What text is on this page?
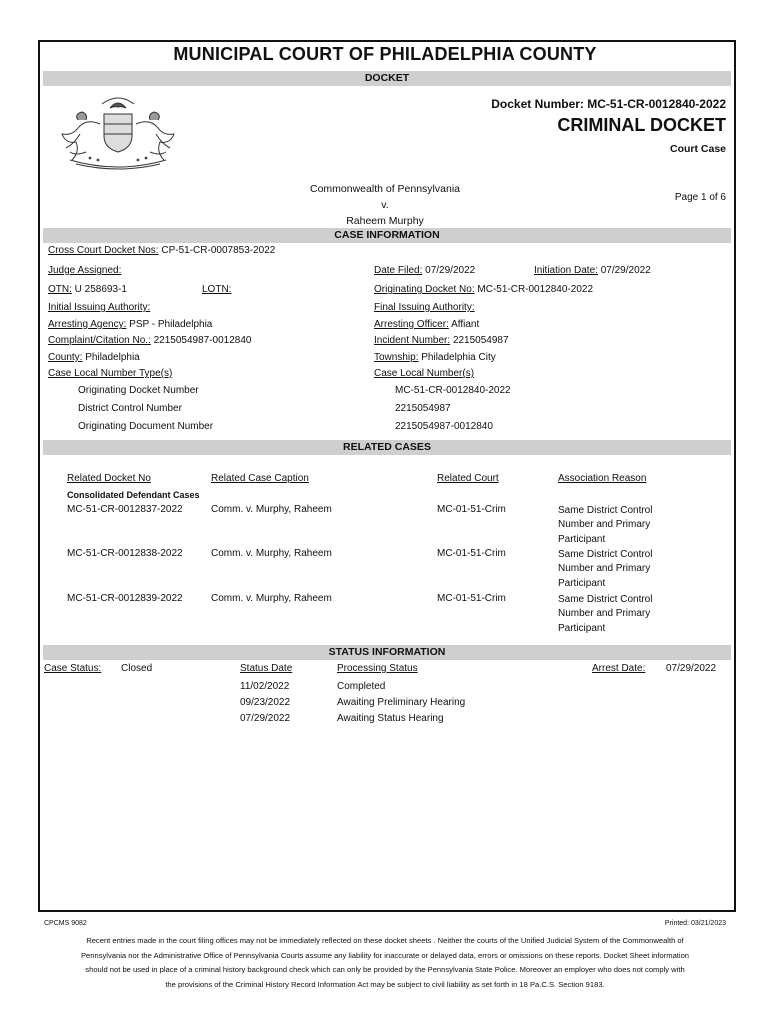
MUNICIPAL COURT OF PHILADELPHIA COUNTY
DOCKET
Docket Number: MC-51-CR-0012840-2022
CRIMINAL DOCKET
Court Case
Commonwealth of Pennsylvania
v.
Raheem Murphy
Page 1 of 6
CASE INFORMATION
Cross Court Docket Nos: CP-51-CR-0007853-2022
Judge Assigned:	Date Filed: 07/29/2022	Initiation Date: 07/29/2022
OTN: U 258693-1	LOTN:	Originating Docket No: MC-51-CR-0012840-2022
Initial Issuing Authority:	Final Issuing Authority:
Arresting Agency: PSP - Philadelphia	Arresting Officer: Affiant
Complaint/Citation No.: 2215054987-0012840	Incident Number: 2215054987
County: Philadelphia	Township: Philadelphia City
Case Local Number Type(s)	Case Local Number(s)
Originating Docket Number	MC-51-CR-0012840-2022
District Control Number	2215054987
Originating Document Number	2215054987-0012840
RELATED CASES
Related Docket No	Related Case Caption	Related Court	Association Reason
Consolidated Defendant Cases
MC-51-CR-0012837-2022	Comm. v. Murphy, Raheem	MC-01-51-Crim	Same District Control
Number and Primary
Participant
MC-51-CR-0012838-2022	Comm. v. Murphy, Raheem	MC-01-51-Crim	Same District Control
Number and Primary
Participant
MC-51-CR-0012839-2022	Comm. v. Murphy, Raheem	MC-01-51-Crim	Same District Control
Number and Primary
Participant
STATUS INFORMATION
Case Status: Closed	Status Date	Processing Status	Arrest Date: 07/29/2022
11/02/2022	Completed
09/23/2022	Awaiting Preliminary Hearing
07/29/2022	Awaiting Status Hearing
CPCMS 9082	Printed: 03/21/2023
Recent entries made in the court filing offices may not be immediately reflected on these docket sheets . Neither the courts of the Unified Judicial System of the Commonwealth of Pennsylvania nor the Administrative Office of Pennsylvania Courts assume any liability for inaccurate or delayed data, errors or omissions on these reports. Docket Sheet information should not be used in place of a criminal history background check which can only be provided by the Pennsylvania State Police. Moreover an employer who does not comply with the provisions of the Criminal History Record Information Act may be subject to civil liability as set forth in 18 Pa.C.S. Section 9183.
